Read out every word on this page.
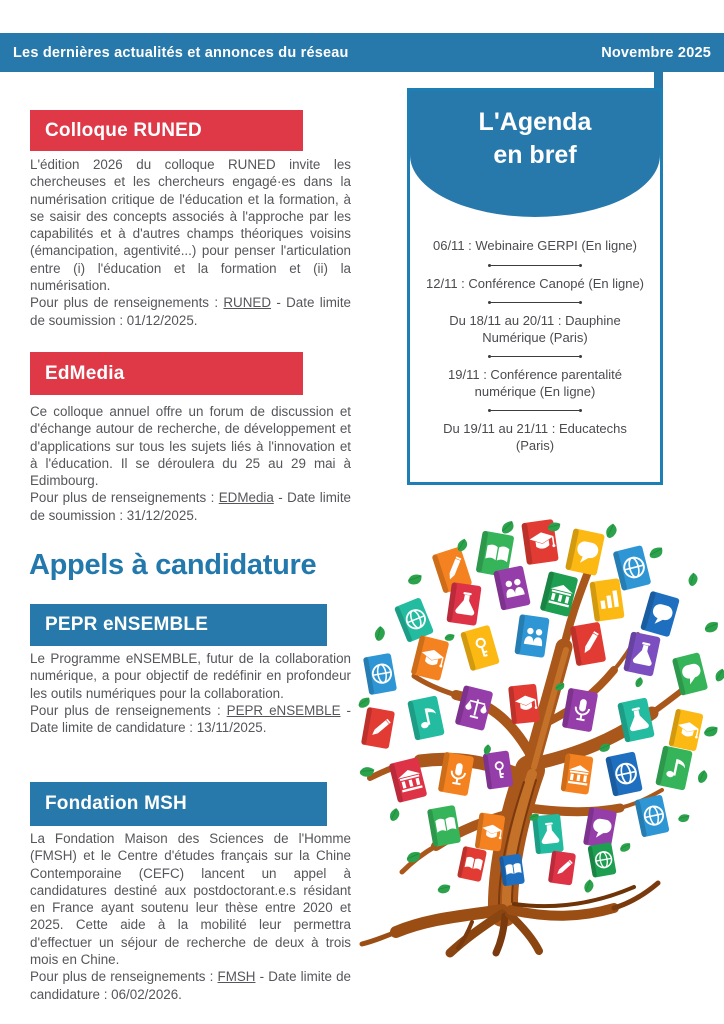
Les dernières actualités et annonces du réseau	Novembre 2025
Colloque RUNED

L'édition 2026 du colloque RUNED invite les chercheuses et les chercheurs engagé·es dans la numérisation critique de l'éducation et la formation, à se saisir des concepts associés à l'approche par les capabilités et à d'autres champs théoriques voisins (émancipation, agentivité...) pour penser l'articulation entre (i) l'éducation et la formation et (ii) la numérisation.
Pour plus de renseignements : RUNED - Date limite de soumission : 01/12/2025.

EdMedia

Ce colloque annuel offre un forum de discussion et d'échange autour de recherche, de développement et d'applications sur tous les sujets liés à l'innovation et à l'éducation. Il se déroulera du 25 au 29 mai à Edimbourg.
Pour plus de renseignements : EDMedia - Date limite de soumission : 31/12/2025.

Appels à candidature
PEPR eNSEMBLE

Le Programme eNSEMBLE, futur de la collaboration numérique, a pour objectif de redéfinir en profondeur les outils numériques pour la collaboration.
Pour plus de renseignements : PEPR eNSEMBLE - Date limite de candidature : 13/11/2025.

Fondation MSH

La Fondation Maison des Sciences de l'Homme (FMSH) et le Centre d'études français sur la Chine Contemporaine (CEFC) lancent un appel à candidatures destiné aux postdoctorant.e.s résidant en France ayant soutenu leur thèse entre 2020 et 2025. Cette aide à la mobilité leur permettra d'effectuer un séjour de recherche de deux à trois mois en Chine.
Pour plus de renseignements : FMSH - Date limite de candidature : 06/02/2026.

L'Agenda
en bref
06/11 : Webinaire GERPI (En ligne)
12/11 : Conférence Canopé (En ligne)
Du 18/11 au 20/11 : Dauphine Numérique (Paris)
19/11 : Conférence parentalité numérique (En ligne)
Du 19/11 au 21/11 : Educatechs (Paris)
